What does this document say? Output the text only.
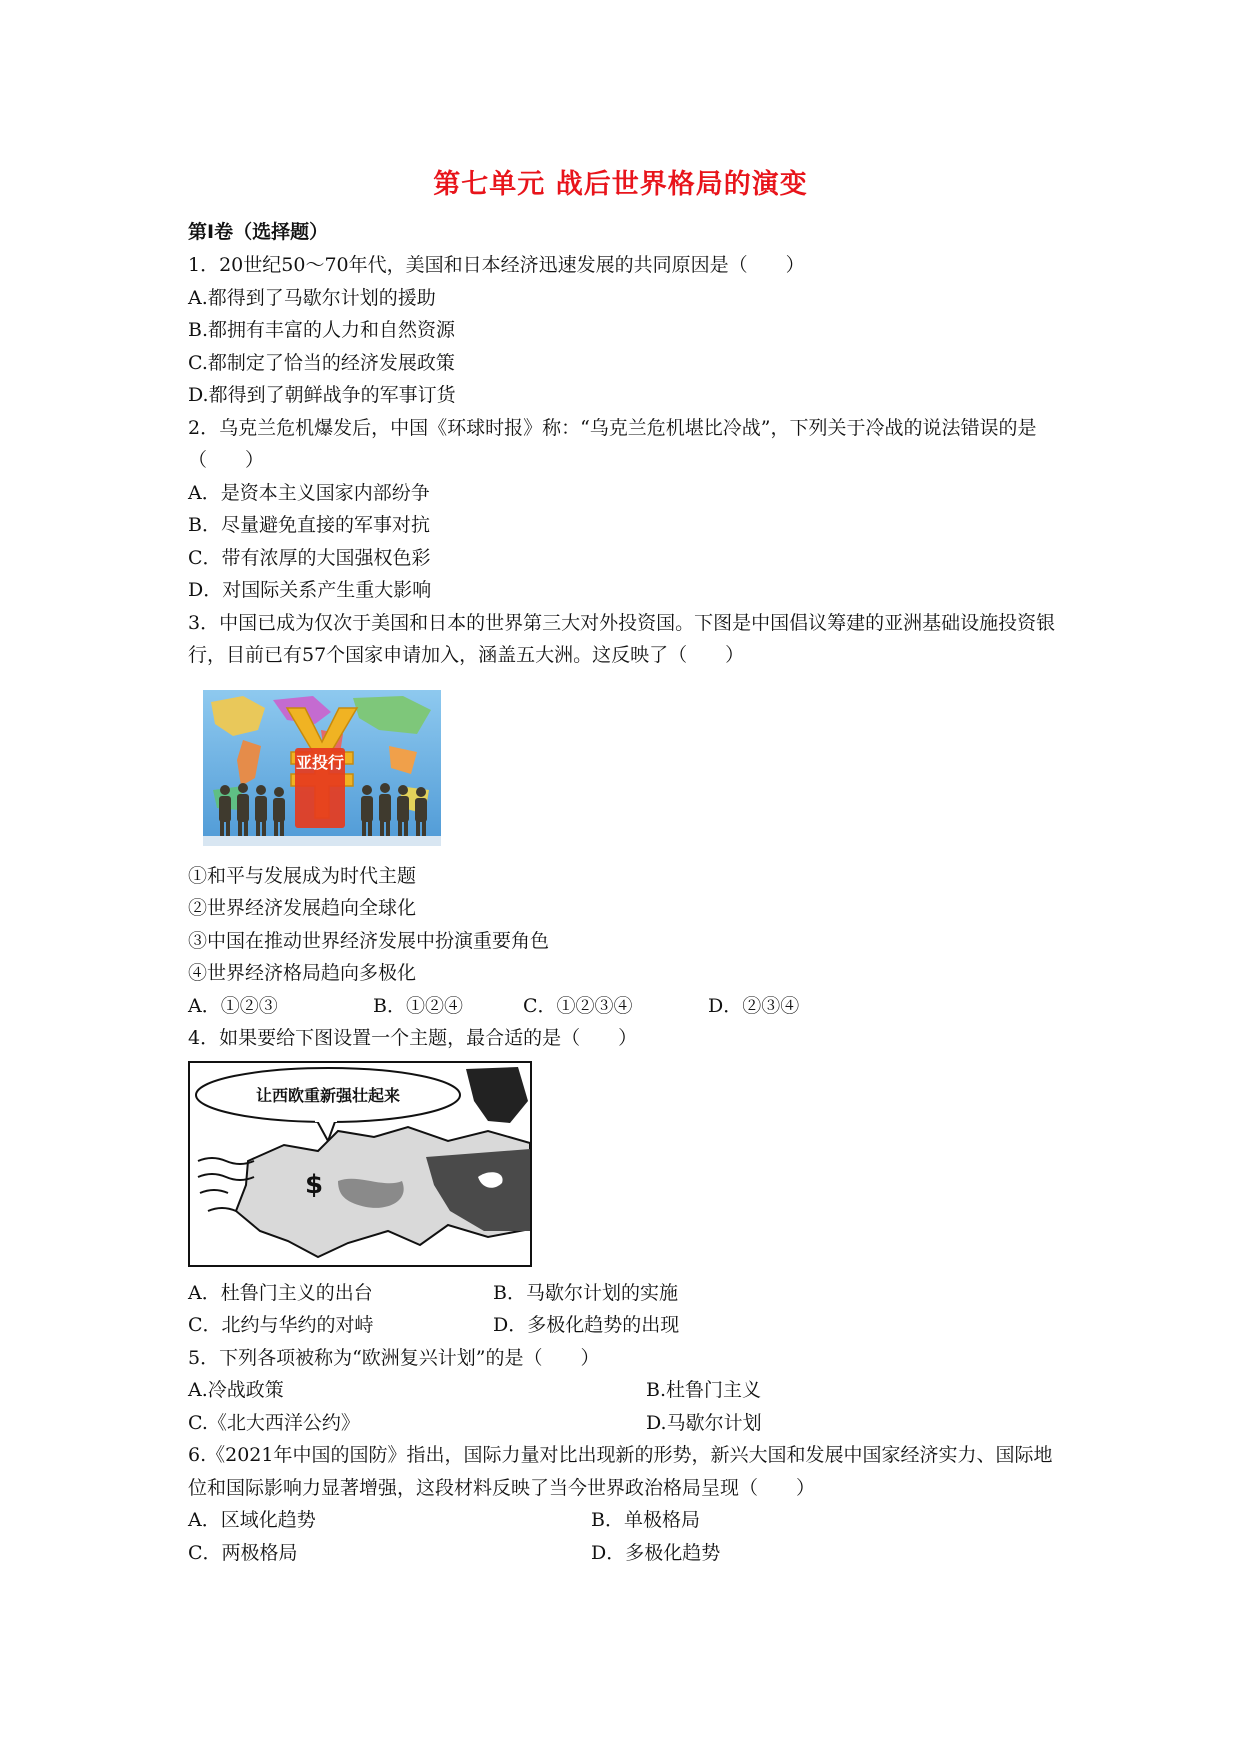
第七单元 战后世界格局的演变
第Ⅰ卷（选择题）
1．20世纪50～70年代，美国和日本经济迅速发展的共同原因是（　　）
A.都得到了马歇尔计划的援助
B.都拥有丰富的人力和自然资源
C.都制定了恰当的经济发展政策
D.都得到了朝鲜战争的军事订货
2．乌克兰危机爆发后，中国《环球时报》称：“乌克兰危机堪比冷战”，下列关于冷战的说法错误的是（　　）
A．是资本主义国家内部纷争
B．尽量避免直接的军事对抗
C．带有浓厚的大国强权色彩
D．对国际关系产生重大影响
3．中国已成为仅次于美国和日本的世界第三大对外投资国。下图是中国倡议筹建的亚洲基础设施投资银行，目前已有57个国家申请加入，涵盖五大洲。这反映了（　　）
亚投行
①和平与发展成为时代主题
②世界经济发展趋向全球化
③中国在推动世界经济发展中扮演重要角色
④世界经济格局趋向多极化
A．①②③	B．①②④	C．①②③④	D．②③④
4．如果要给下图设置一个主题，最合适的是（　　）
让西欧重新强壮起来
$
A．杜鲁门主义的出台	B．马歇尔计划的实施
C．北约与华约的对峙	D．多极化趋势的出现
5．下列各项被称为“欧洲复兴计划”的是（　　）
A.冷战政策	B.杜鲁门主义
C.《北大西洋公约》	D.马歇尔计划
6.《2021年中国的国防》指出，国际力量对比出现新的形势，新兴大国和发展中国家经济实力、国际地位和国际影响力显著增强，这段材料反映了当今世界政治格局呈现（　　）
A．区域化趋势	B．单极格局
C．两极格局	D．多极化趋势
